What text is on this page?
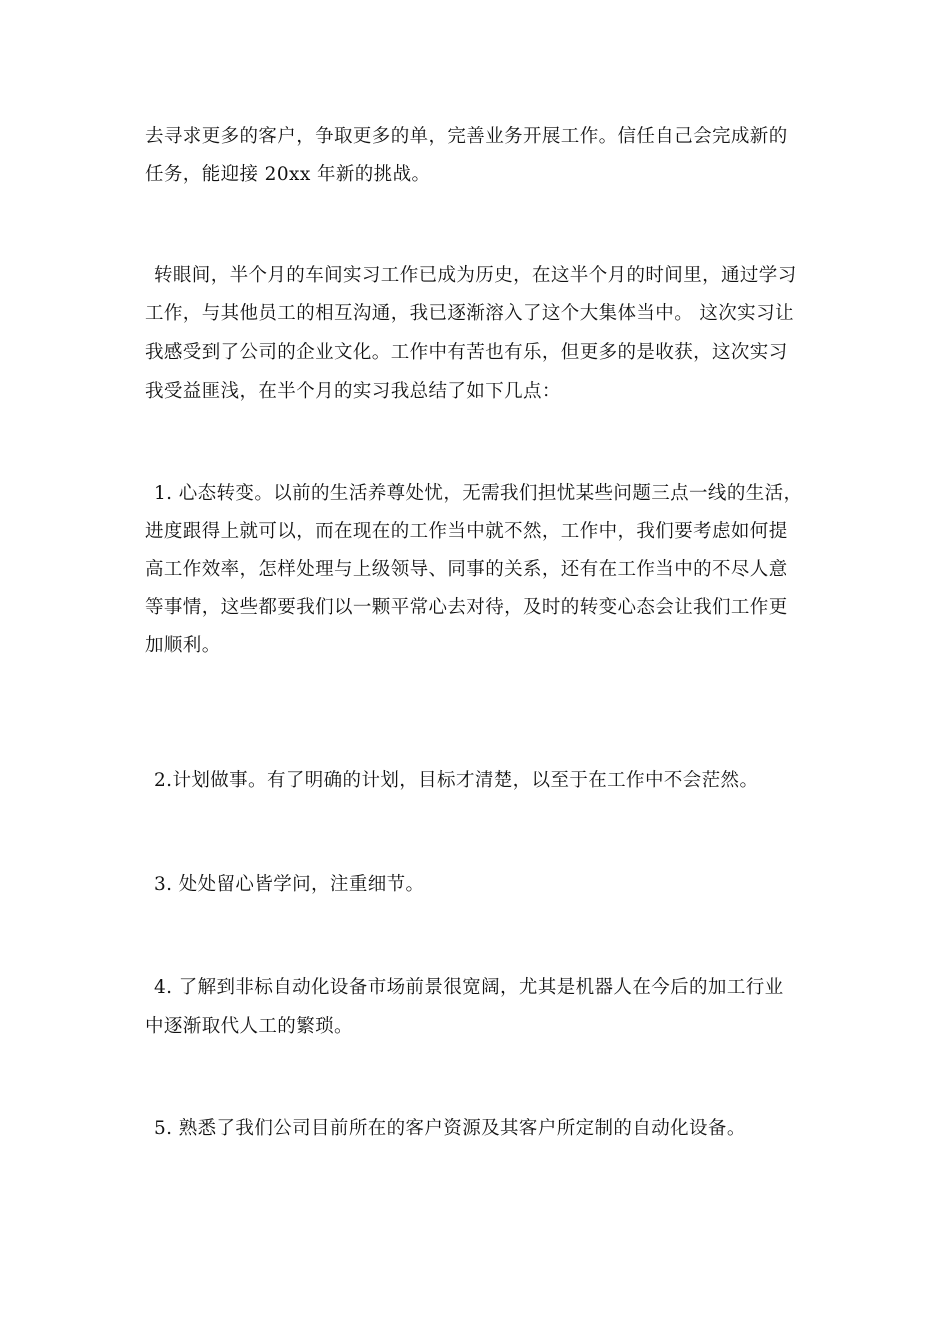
去寻求更多的客户，争取更多的单，完善业务开展工作。信任自己会完成新的
任务，能迎接 20xx 年新的挑战。
转眼间，半个月的车间实习工作已成为历史，在这半个月的时间里，通过学习
工作，与其他员工的相互沟通，我已逐渐溶入了这个大集体当中。 这次实习让
我感受到了公司的企业文化。工作中有苦也有乐，但更多的是收获，这次实习
我受益匪浅，在半个月的实习我总结了如下几点：
1. 心态转变。以前的生活养尊处忧，无需我们担忧某些问题三点一线的生活，
进度跟得上就可以，而在现在的工作当中就不然，工作中，我们要考虑如何提
高工作效率，怎样处理与上级领导、同事的关系，还有在工作当中的不尽人意
等事情，这些都要我们以一颗平常心去对待，及时的转变心态会让我们工作更
加顺利。
2.计划做事。有了明确的计划，目标才清楚，以至于在工作中不会茫然。
3. 处处留心皆学问，注重细节。
4. 了解到非标自动化设备市场前景很宽阔，尤其是机器人在今后的加工行业
中逐渐取代人工的繁琐。
5. 熟悉了我们公司目前所在的客户资源及其客户所定制的自动化设备。
